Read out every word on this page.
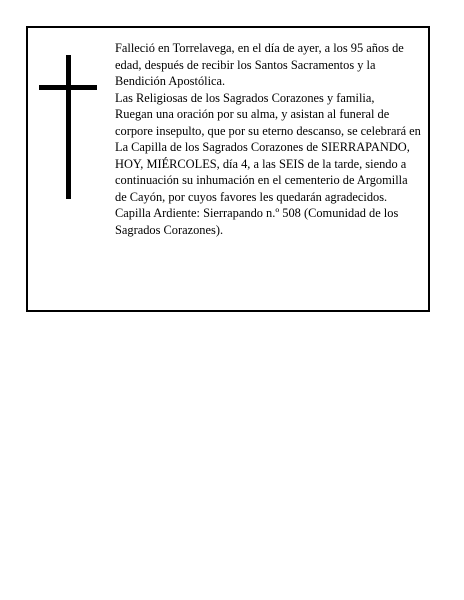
Falleció en Torrelavega, en el día de ayer, a los 95 años de edad, después de recibir los Santos Sacramentos y la Bendición Apostólica.

Las Religiosas de los Sagrados Corazones y familia,

Ruegan una oración por su alma, y asistan al funeral de corpore insepulto, que por su eterno descanso, se celebrará en La Capilla de los Sagrados Corazones de SIERRAPANDO, HOY, MIÉRCOLES, día 4, a las SEIS de la tarde, siendo a continuación su inhumación en el cementerio de Argomilla de Cayón, por cuyos favores les quedarán agradecidos. Capilla Ardiente: Sierrapando n.º 508 (Comunidad de los Sagrados Corazones).
